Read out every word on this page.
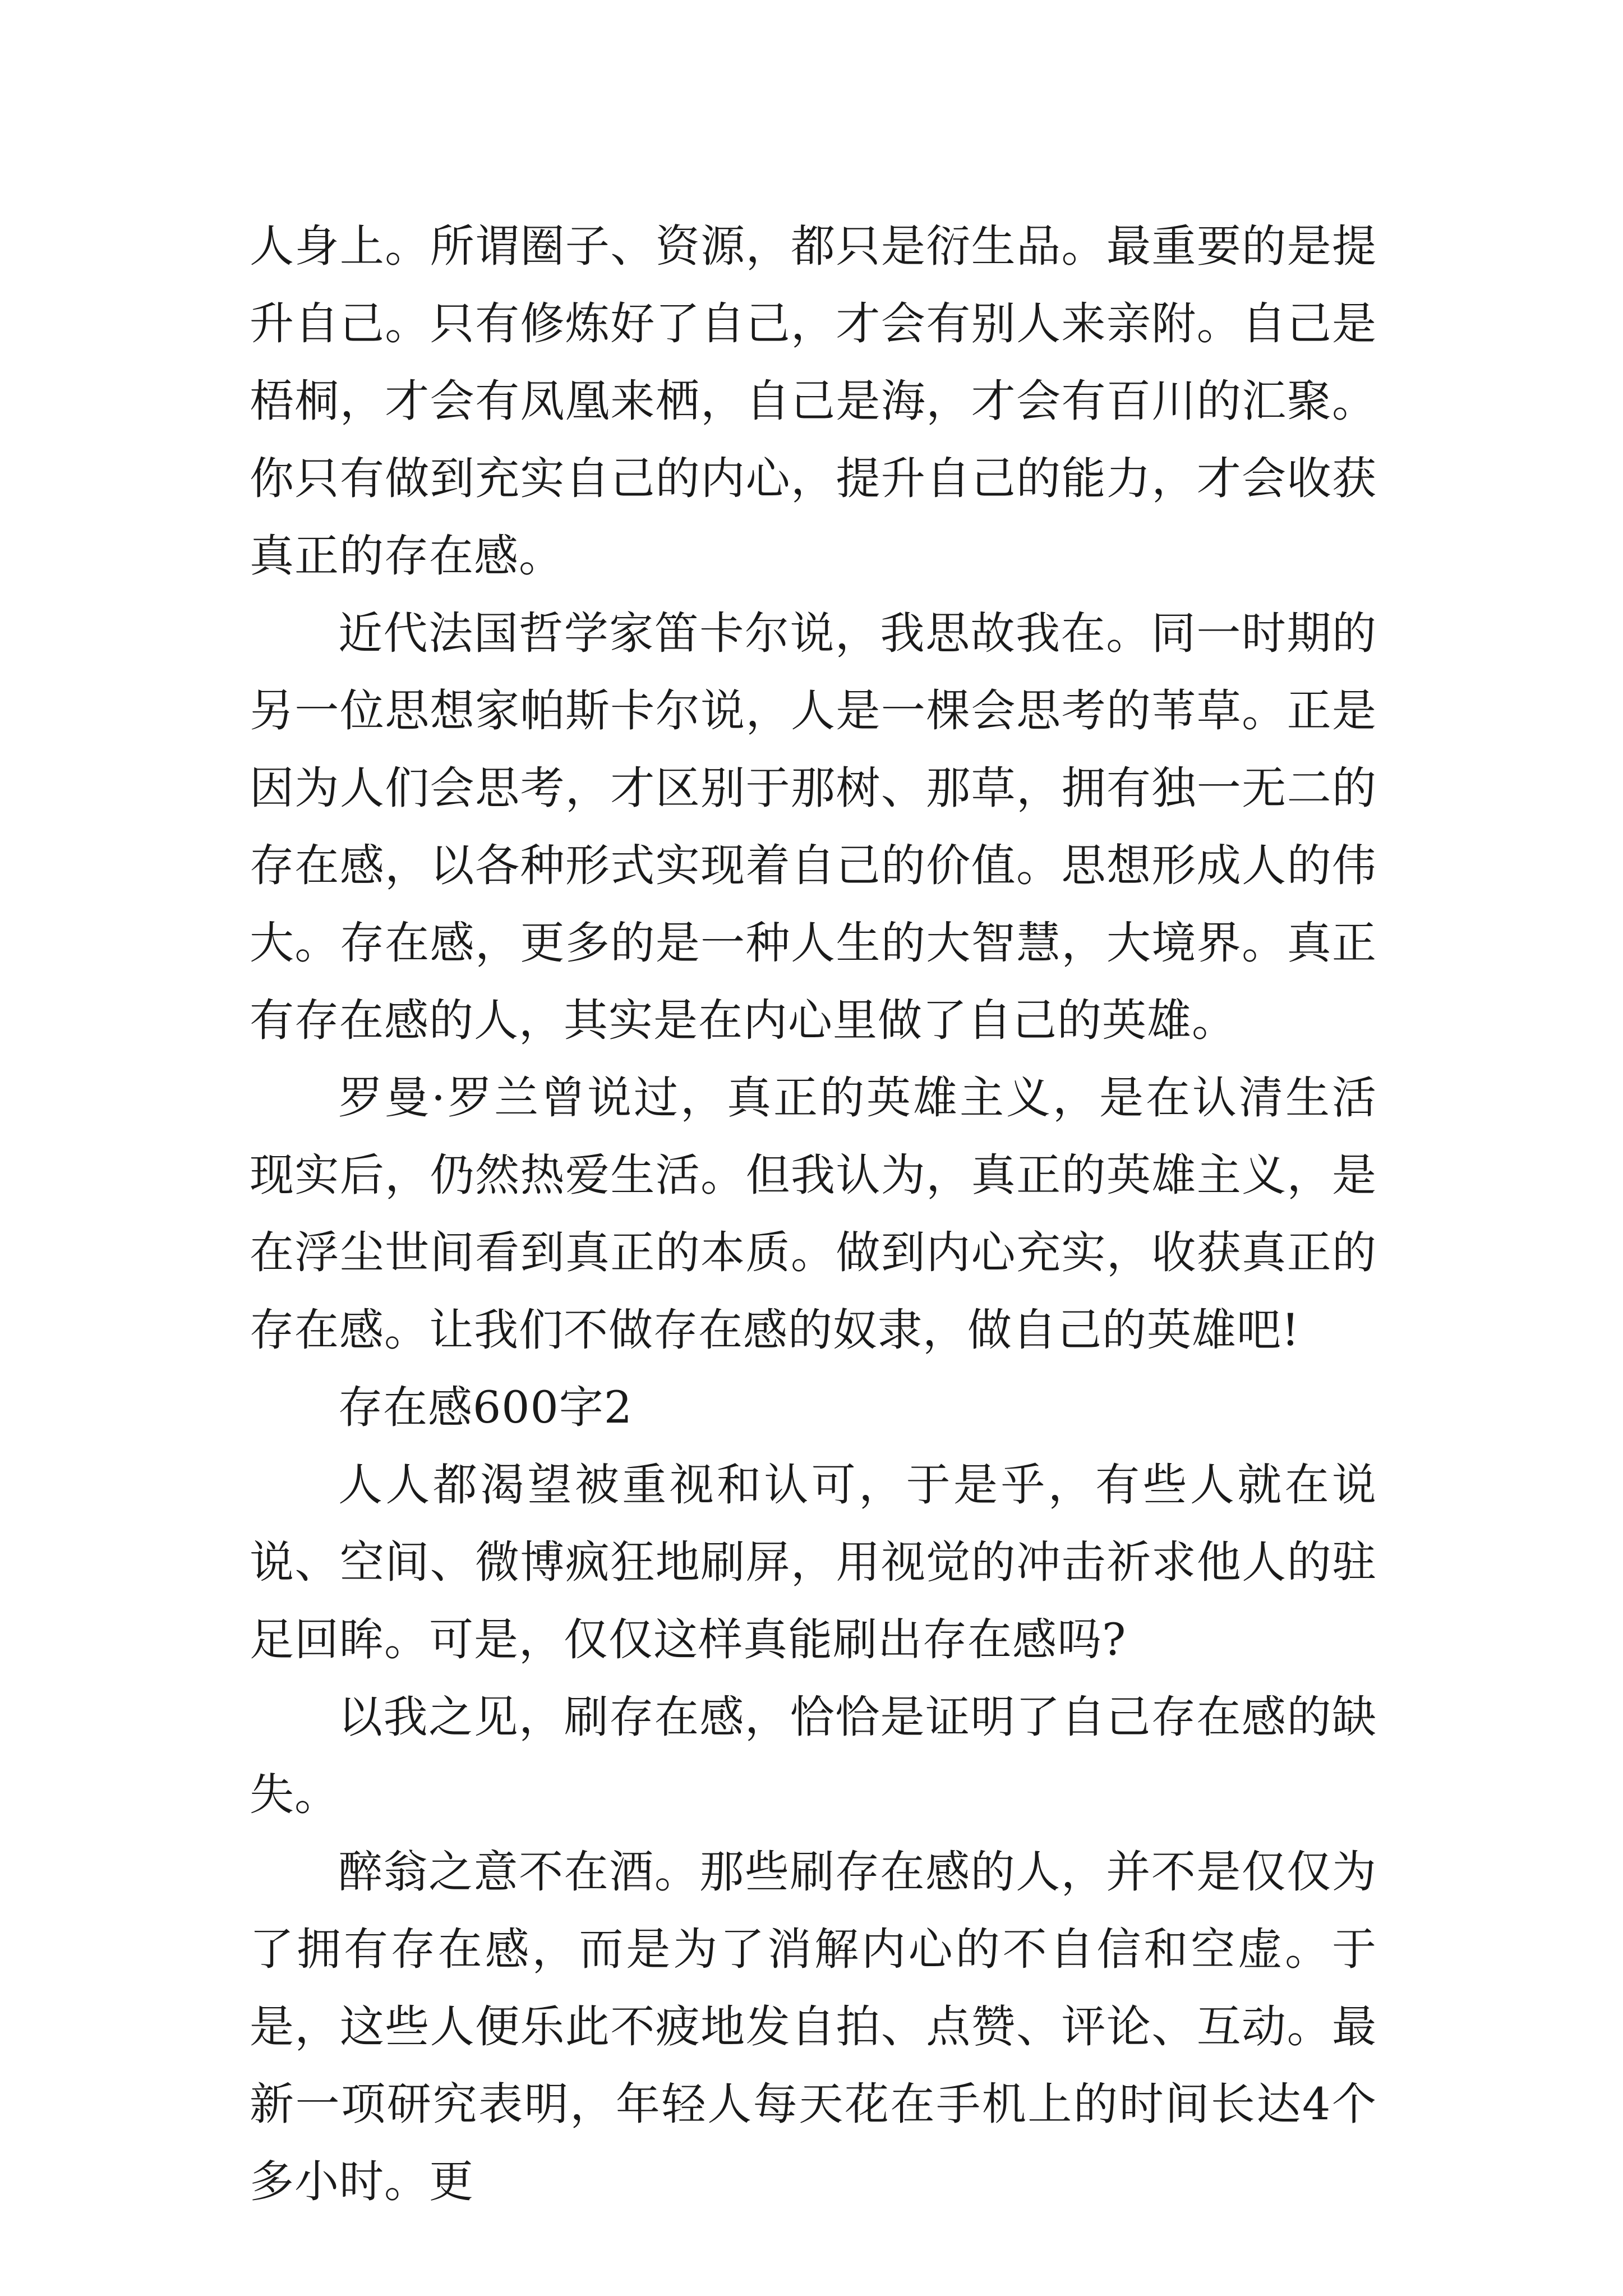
人身上。所谓圈子、资源，都只是衍生品。最重要的是提升自己。只有修炼好了自己，才会有别人来亲附。自己是梧桐，才会有凤凰来栖，自己是海，才会有百川的汇聚。你只有做到充实自己的内心，提升自己的能力，才会收获真正的存在感。

近代法国哲学家笛卡尔说，我思故我在。同一时期的另一位思想家帕斯卡尔说，人是一棵会思考的苇草。正是因为人们会思考，才区别于那树、那草，拥有独一无二的存在感，以各种形式实现着自己的价值。思想形成人的伟大。存在感，更多的是一种人生的大智慧，大境界。真正有存在感的人，其实是在内心里做了自己的英雄。

罗曼·罗兰曾说过，真正的英雄主义，是在认清生活现实后，仍然热爱生活。但我认为，真正的英雄主义，是在浮尘世间看到真正的本质。做到内心充实，收获真正的存在感。让我们不做存在感的奴隶，做自己的英雄吧!

存在感600字2

人人都渴望被重视和认可，于是乎，有些人就在说说、空间、微博疯狂地刷屏，用视觉的冲击祈求他人的驻足回眸。可是，仅仅这样真能刷出存在感吗?

以我之见，刷存在感，恰恰是证明了自己存在感的缺失。

醉翁之意不在酒。那些刷存在感的人，并不是仅仅为了拥有存在感，而是为了消解内心的不自信和空虚。于是，这些人便乐此不疲地发自拍、点赞、评论、互动。最新一项研究表明，年轻人每天花在手机上的时间长达4个多小时。更
